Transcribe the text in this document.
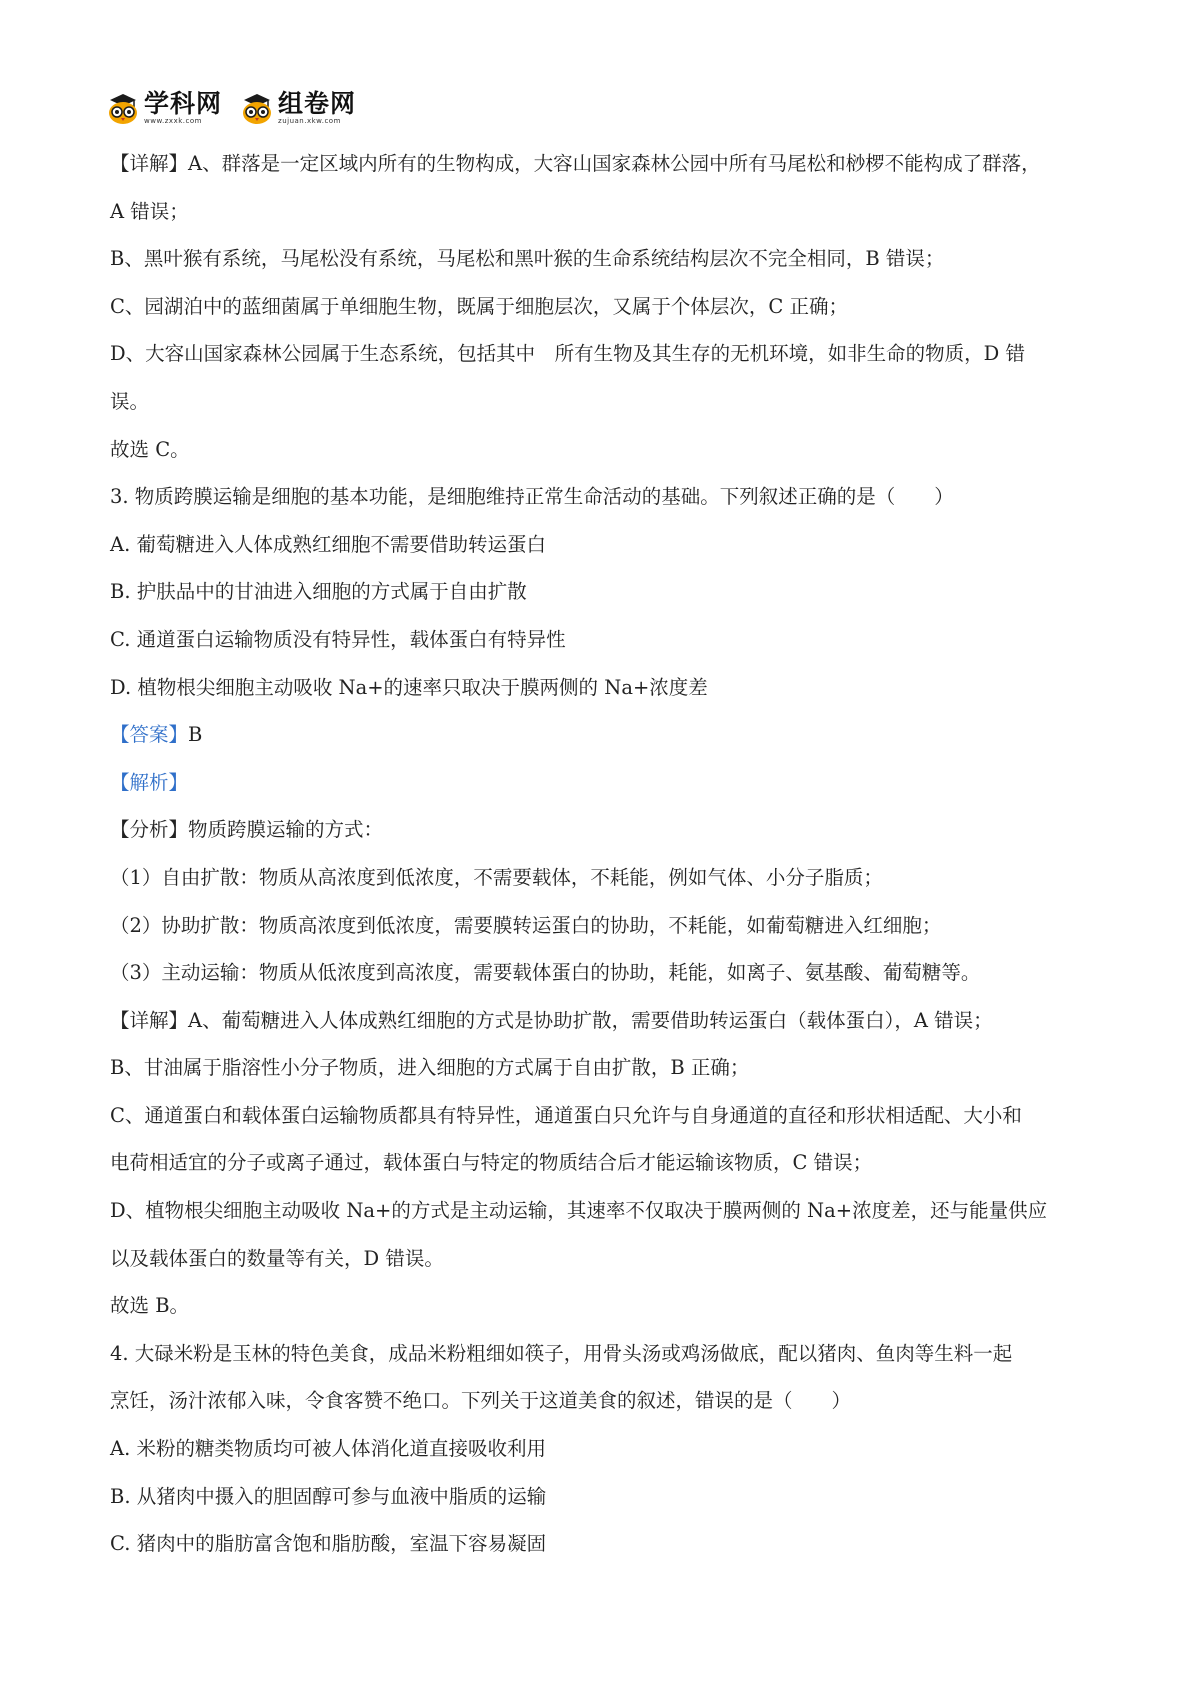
学科网
www.zxxk.com
组卷网
zujuan.xkw.com
【详解】A、群落是一定区域内所有的生物构成，大容山国家森林公园中所有马尾松和桫椤不能构成了群落，
A 错误；
B、黑叶猴有系统，马尾松没有系统，马尾松和黑叶猴的生命系统结构层次不完全相同，B 错误；
C、园湖泊中的蓝细菌属于单细胞生物，既属于细胞层次，又属于个体层次，C 正确；
D、大容山国家森林公园属于生态系统，包括其中　所有生物及其生存的无机环境，如非生命的物质，D 错
误。
故选 C。
3. 物质跨膜运输是细胞的基本功能，是细胞维持正常生命活动的基础。下列叙述正确的是（　　）
A. 葡萄糖进入人体成熟红细胞不需要借助转运蛋白
B. 护肤品中的甘油进入细胞的方式属于自由扩散
C. 通道蛋白运输物质没有特异性，载体蛋白有特异性
D. 植物根尖细胞主动吸收 Na+的速率只取决于膜两侧的 Na+浓度差
【答案】B
【解析】
【分析】物质跨膜运输的方式：
（1）自由扩散：物质从高浓度到低浓度，不需要载体，不耗能，例如气体、小分子脂质；
（2）协助扩散：物质高浓度到低浓度，需要膜转运蛋白的协助，不耗能，如葡萄糖进入红细胞；
（3）主动运输：物质从低浓度到高浓度，需要载体蛋白的协助，耗能，如离子、氨基酸、葡萄糖等。
【详解】A、葡萄糖进入人体成熟红细胞的方式是协助扩散，需要借助转运蛋白（载体蛋白），A 错误；
B、甘油属于脂溶性小分子物质，进入细胞的方式属于自由扩散，B 正确；
C、通道蛋白和载体蛋白运输物质都具有特异性，通道蛋白只允许与自身通道的直径和形状相适配、大小和
电荷相适宜的分子或离子通过，载体蛋白与特定的物质结合后才能运输该物质，C 错误；
D、植物根尖细胞主动吸收 Na+的方式是主动运输，其速率不仅取决于膜两侧的 Na+浓度差，还与能量供应
以及载体蛋白的数量等有关，D 错误。
故选 B。
4. 大碌米粉是玉林的特色美食，成品米粉粗细如筷子，用骨头汤或鸡汤做底，配以猪肉、鱼肉等生料一起
烹饪，汤汁浓郁入味，令食客赞不绝口。下列关于这道美食的叙述，错误的是（　　）
A. 米粉的糖类物质均可被人体消化道直接吸收利用
B. 从猪肉中摄入的胆固醇可参与血液中脂质的运输
C. 猪肉中的脂肪富含饱和脂肪酸，室温下容易凝固
